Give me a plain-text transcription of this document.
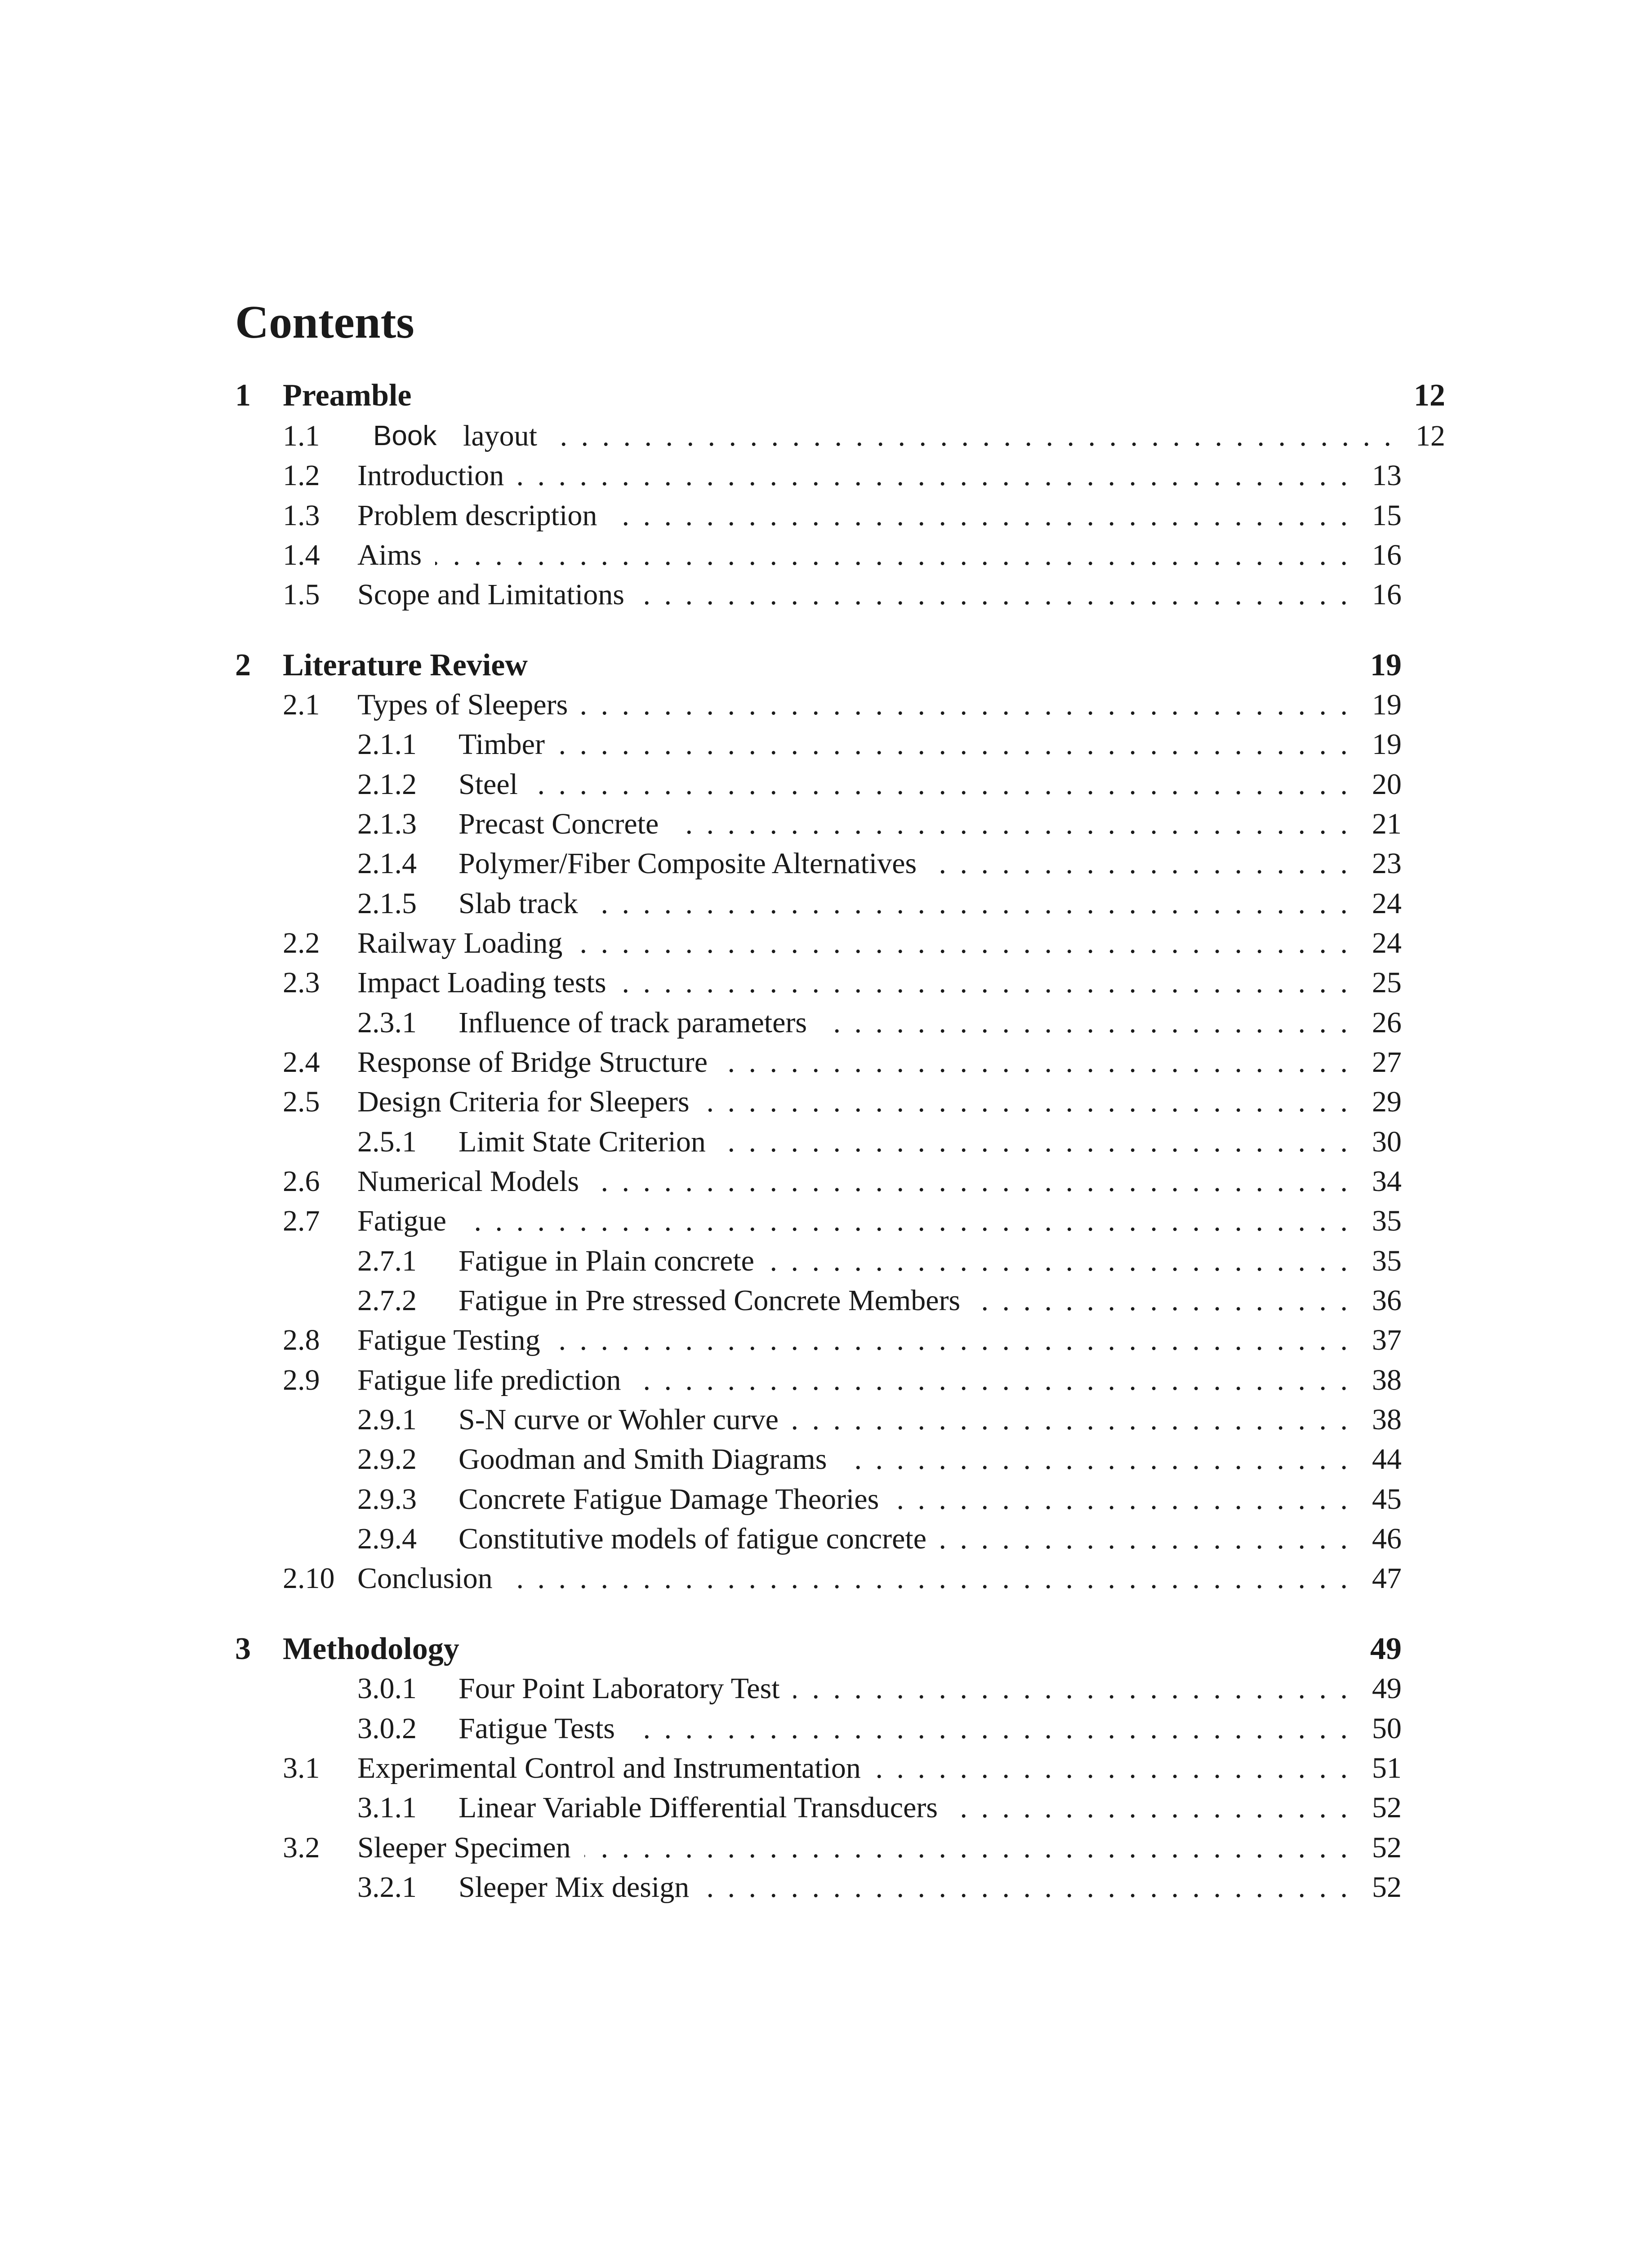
Contents
1 Preamble	12
1.1 Book layout . . .	12
1.2 Introduction . . .	13
1.3 Problem description . . .	15
1.4 Aims . . .	16
1.5 Scope and Limitations . . .	16
2 Literature Review	19
2.1 Types of Sleepers . . .	19
2.1.1 Timber . . .	19
2.1.2 Steel . . .	20
2.1.3 Precast Concrete . . .	21
2.1.4 Polymer/Fiber Composite Alternatives . . .	23
2.1.5 Slab track . . .	24
2.2 Railway Loading . . .	24
2.3 Impact Loading tests . . .	25
2.3.1 Influence of track parameters . . .	26
2.4 Response of Bridge Structure . . .	27
2.5 Design Criteria for Sleepers . . .	29
2.5.1 Limit State Criterion . . .	30
2.6 Numerical Models . . .	34
2.7 Fatigue . . .	35
2.7.1 Fatigue in Plain concrete . . .	35
2.7.2 Fatigue in Pre stressed Concrete Members . . .	36
2.8 Fatigue Testing . . .	37
2.9 Fatigue life prediction . . .	38
2.9.1 S-N curve or Wohler curve . . .	38
2.9.2 Goodman and Smith Diagrams . . .	44
2.9.3 Concrete Fatigue Damage Theories . . .	45
2.9.4 Constitutive models of fatigue concrete . . .	46
2.10 Conclusion . . .	47
3 Methodology	49
3.0.1 Four Point Laboratory Test . . .	49
3.0.2 Fatigue Tests . . .	50
3.1 Experimental Control and Instrumentation . . .	51
3.1.1 Linear Variable Differential Transducers . . .	52
3.2 Sleeper Specimen . . .	52
3.2.1 Sleeper Mix design . . .	52
